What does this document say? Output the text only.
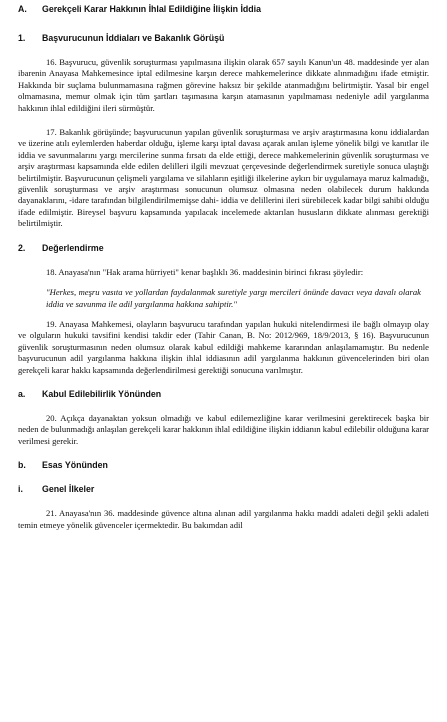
A. Gerekçeli Karar Hakkının İhlal Edildiğine İlişkin İddia
1.	Başvurucunun İddiaları ve Bakanlık Görüşü

16. Başvurucu, güvenlik soruşturması yapılmasına ilişkin olarak 657 sayılı Kanun'un 48. maddesinde yer alan ibarenin Anayasa Mahkemesince iptal edilmesine karşın derece mahkemelerince dikkate alınmadığını ifade etmiştir. Hakkında bir suçlama bulunmamasına rağmen görevine haksız bir şekilde atanmadığını belirtmiştir. Yasal bir engel olmamasına, memur olmak için tüm şartları taşımasına karşın atamasının yapılmaması nedeniyle adil yargılanma hakkının ihlal edildiğini ileri sürmüştür.

17. Bakanlık görüşünde; başvurucunun yapılan güvenlik soruşturması ve arşiv araştırmasına konu iddialardan ve üzerine atılı eylemlerden haberdar olduğu, işleme karşı iptal davası açarak anılan işleme yönelik bilgi ve kanıtlar ile iddia ve savunmalarını yargı mercilerine sunma fırsatı da elde ettiği, derece mahkemelerinin güvenlik soruşturması ve arşiv araştırması kapsamında elde edilen delilleri ilgili mevzuat çerçevesinde değerlendirmek suretiyle sonuca ulaştığı belirtilmiştir. Başvurucunun çelişmeli yargılama ve silahların eşitliği ilkelerine aykırı bir uygulamaya maruz kalmadığı, güvenlik soruşturması ve arşiv araştırması sonucunun olumsuz olmasına neden olabilecek durum hakkında dayanaklarını, -idare tarafından bilgilendirilmemişse dahi- iddia ve delillerini ileri sürebilecek kadar bilgi sahibi olduğu ifade edilmiştir. Bireysel başvuru kapsamında yapılacak incelemede aktarılan hususların dikkate alınması gerektiği belirtilmiştir.

2.	Değerlendirme

18. Anayasa'nın "Hak arama hürriyeti" kenar başlıklı 36. maddesinin birinci fıkrası şöyledir:

"Herkes, meşru vasıta ve yollardan faydalanmak suretiyle yargı mercileri önünde davacı veya davalı olarak iddia ve savunma ile adil yargılanma hakkına sahiptir."

19. Anayasa Mahkemesi, olayların başvurucu tarafından yapılan hukuki nitelendirmesi ile bağlı olmayıp olay ve olguların hukuki tavsifini kendisi takdir eder (Tahir Canan, B. No: 2012/969, 18/9/2013, § 16). Başvurucunun güvenlik soruşturmasının neden olumsuz olarak kabul edildiği mahkeme kararından anlaşılamamıştır. Bu nedenle başvurucunun adil yargılanma hakkına ilişkin ihlal iddiasının adil yargılanma hakkının güvencelerinden biri olan gerekçeli karar hakkı kapsamında değerlendirilmesi gerektiği sonucuna varılmıştır.

a.	Kabul Edilebilirlik Yönünden

20. Açıkça dayanaktan yoksun olmadığı ve kabul edilemezliğine karar verilmesini gerektirecek başka bir neden de bulunmadığı anlaşılan gerekçeli karar hakkının ihlal edildiğine ilişkin iddianın kabul edilebilir olduğuna karar verilmesi gerekir.

b. Esas Yönünden
i.	Genel İlkeler

21. Anayasa'nın 36. maddesinde güvence altına alınan adil yargılanma hakkı maddi adaleti değil şekli adaleti temin etmeye yönelik güvenceler içermektedir. Bu bakımdan adil
